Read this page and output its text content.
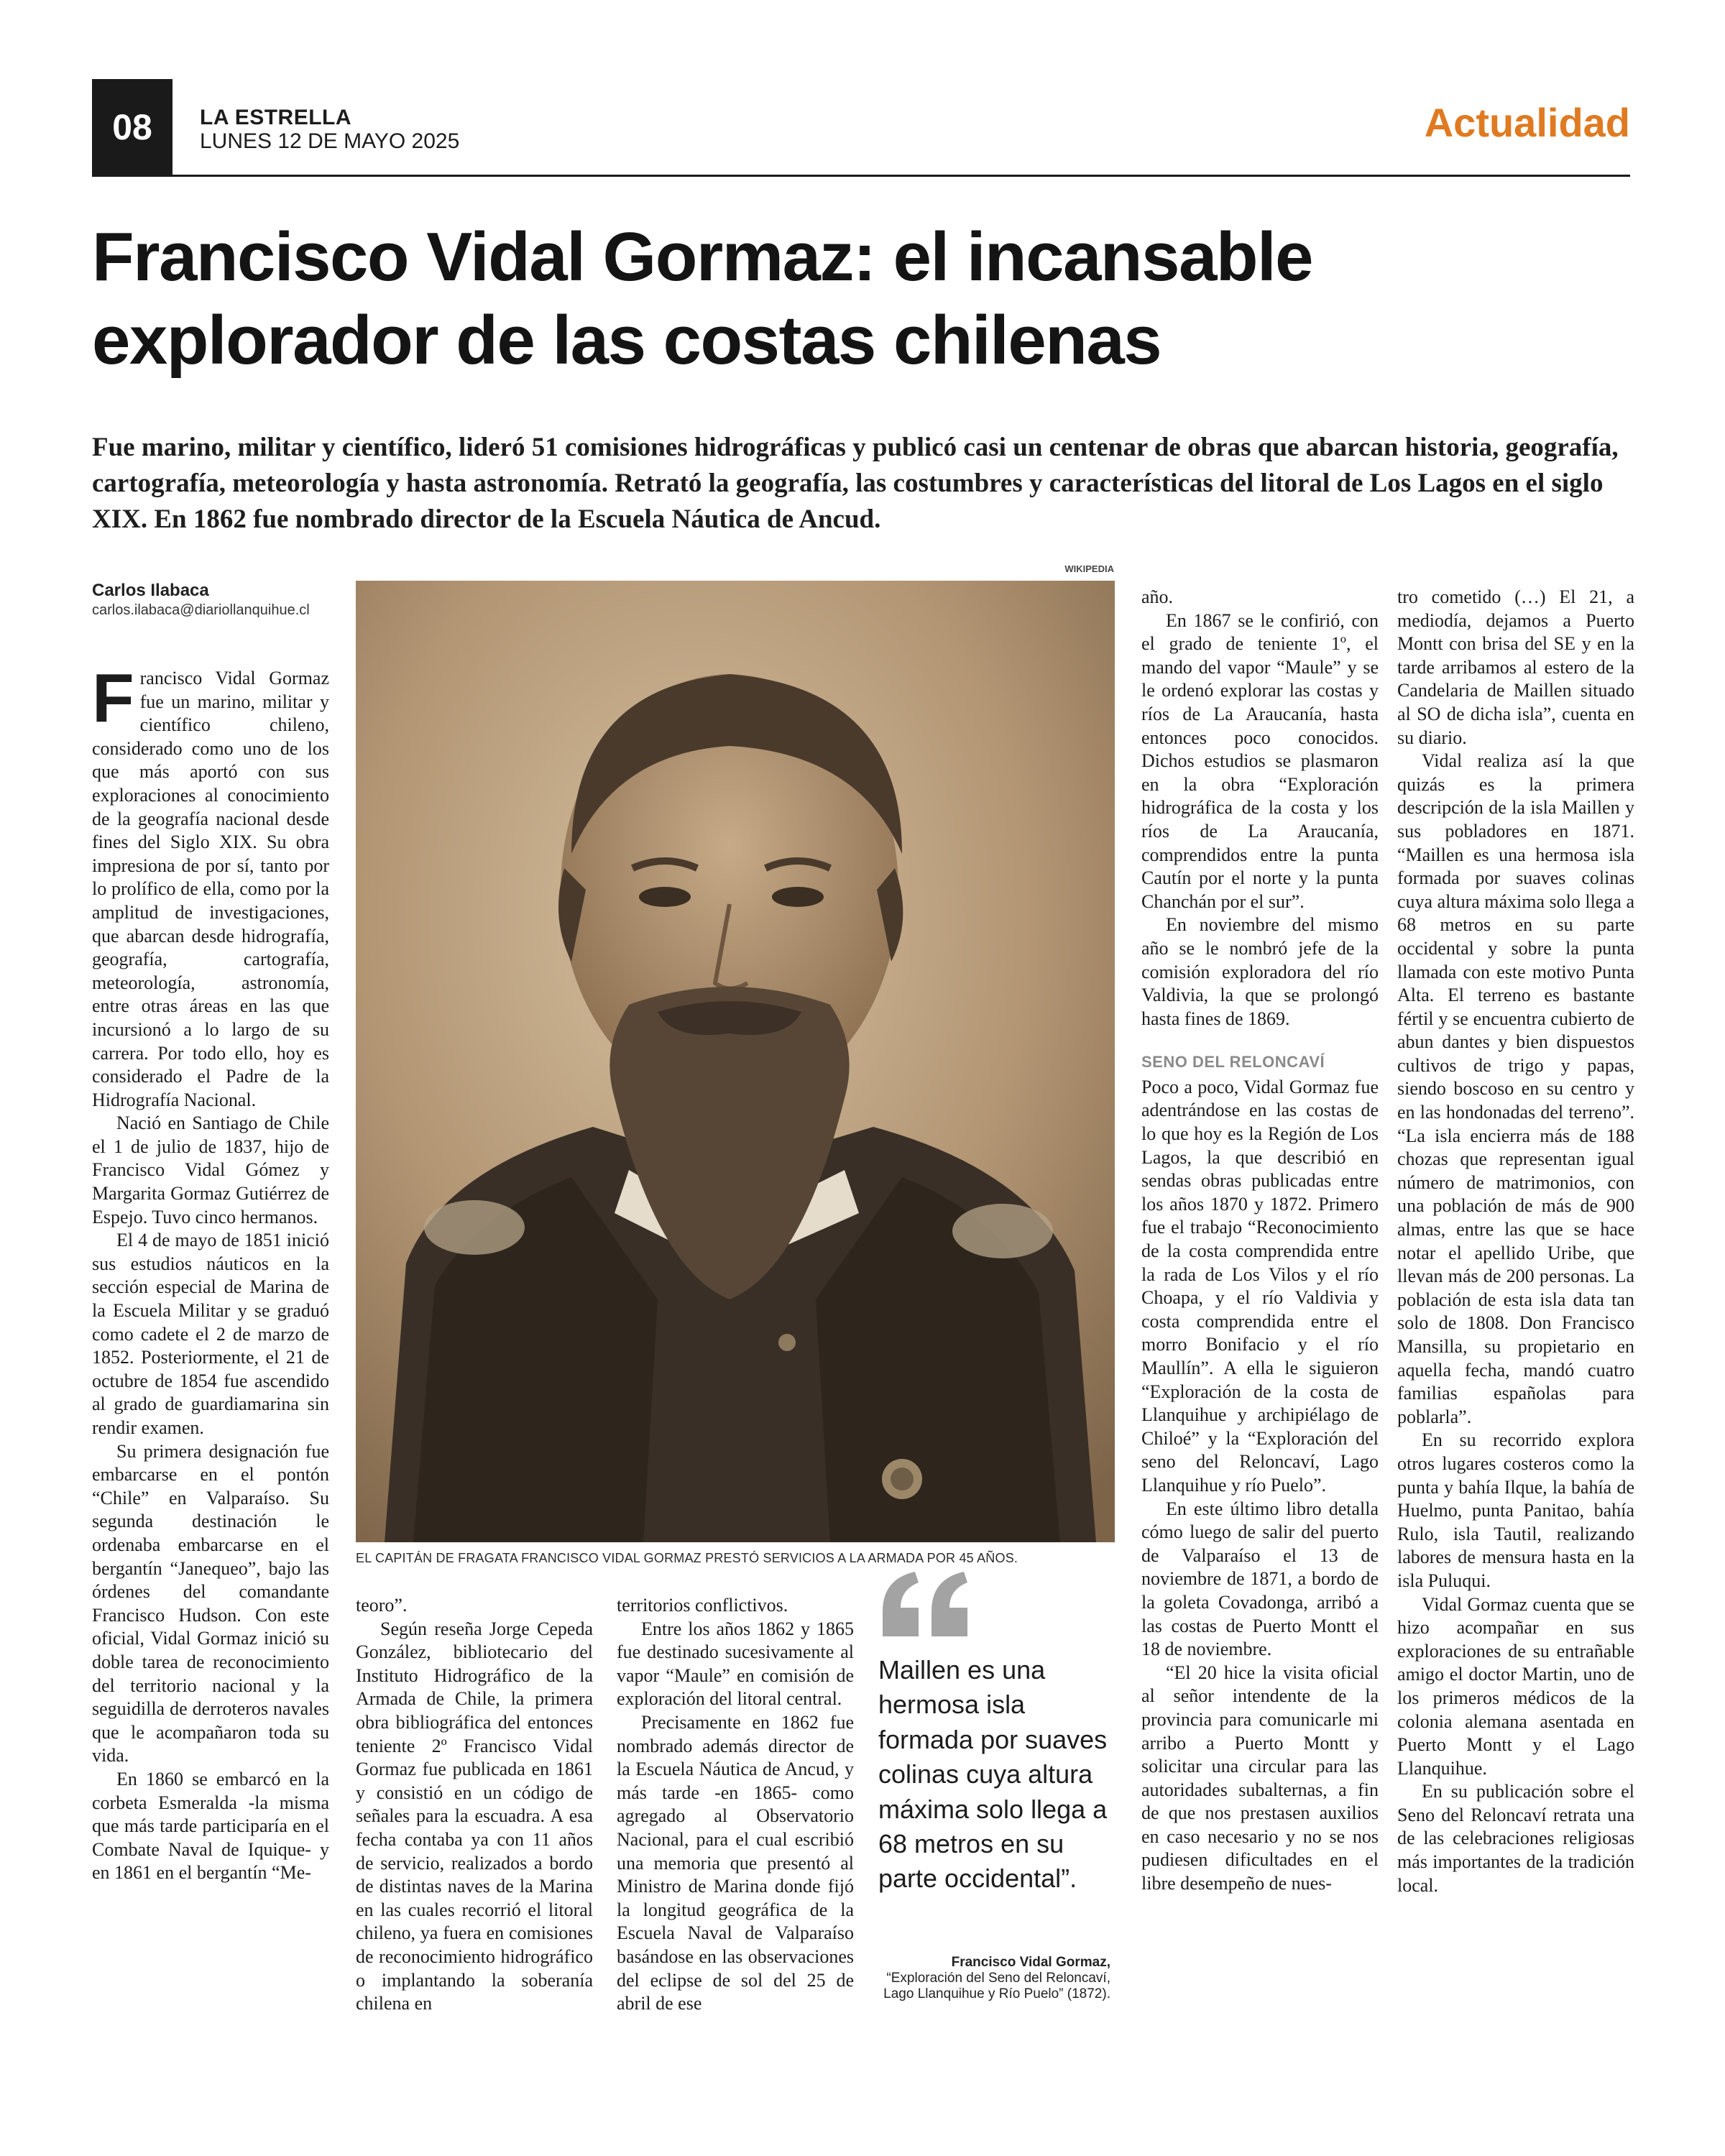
08	LA ESTRELLA
LUNES 12 DE MAYO 2025	Actualidad
Francisco Vidal Gormaz: el incansable explorador de las costas chilenas

Fue marino, militar y científico, lideró 51 comisiones hidrográficas y publicó casi un centenar de obras que abarcan historia, geografía, cartografía, meteorología y hasta astronomía. Retrató la geografía, las costumbres y características del litoral de Los Lagos en el siglo XIX. En 1862 fue nombrado director de la Escuela Náutica de Ancud.

Carlos Ilabaca
carlos.ilabaca@diariollanquihue.cl

Francisco Vidal Gormaz fue un marino, militar y científico chileno, considerado como uno de los que más aportó con sus exploraciones al conocimiento de la geografía nacional desde fines del Siglo XIX. Su obra impresiona de por sí, tanto por lo prolífico de ella, como por la amplitud de investigaciones, que abarcan desde hidrografía, geografía, cartografía, meteorología, astronomía, entre otras áreas en las que incursionó a lo largo de su carrera. Por todo ello, hoy es considerado el Padre de la Hidrografía Nacional.

Nació en Santiago de Chile el 1 de julio de 1837, hijo de Francisco Vidal Gómez y Margarita Gormaz Gutiérrez de Espejo. Tuvo cinco hermanos.

El 4 de mayo de 1851 inició sus estudios náuticos en la sección especial de Marina de la Escuela Militar y se graduó como cadete el 2 de marzo de 1852. Posteriormente, el 21 de octubre de 1854 fue ascendido al grado de guardiamarina sin rendir examen.

Su primera designación fue embarcarse en el pontón “Chile” en Valparaíso. Su segunda destinación le ordenaba embarcarse en el bergantín “Janequeo”, bajo las órdenes del comandante Francisco Hudson. Con este oficial, Vidal Gormaz inició su doble tarea de reconocimiento del territorio nacional y la seguidilla de derroteros navales que le acompañaron toda su vida.

En 1860 se embarcó en la corbeta Esmeralda -la misma que más tarde participaría en el Combate Naval de Iquique- y en 1861 en el bergantín “Me-

WIKIPEDIA
EL CAPITÁN DE FRAGATA FRANCISCO VIDAL GORMAZ PRESTÓ SERVICIOS A LA ARMADA POR 45 AÑOS.

teoro”.

Según reseña Jorge Cepeda González, bibliotecario del Instituto Hidrográfico de la Armada de Chile, la primera obra bibliográfica del entonces teniente 2º Francisco Vidal Gormaz fue publicada en 1861 y consistió en un código de señales para la escuadra. A esa fecha contaba ya con 11 años de servicio, realizados a bordo de distintas naves de la Marina en las cuales recorrió el litoral chileno, ya fuera en comisiones de reconocimiento hidrográfico o implantando la soberanía chilena en

territorios conflictivos.

Entre los años 1862 y 1865 fue destinado sucesivamente al vapor “Maule” en comisión de exploración del litoral central.

Precisamente en 1862 fue nombrado además director de la Escuela Náutica de Ancud, y más tarde -en 1865- como agregado al Observatorio Nacional, para el cual escribió una memoria que presentó al Ministro de Marina donde fijó la longitud geográfica de la Escuela Naval de Valparaíso basándose en las observaciones del eclipse de sol del 25 de abril de ese

Maillen es una hermosa isla formada por suaves colinas cuya altura máxima solo llega a 68 metros en su parte occidental”.

Francisco Vidal Gormaz,
“Exploración del Seno del Reloncaví, Lago Llanquihue y Río Puelo” (1872).

año.

En 1867 se le confirió, con el grado de teniente 1º, el mando del vapor “Maule” y se le ordenó explorar las costas y ríos de La Araucanía, hasta entonces poco conocidos. Dichos estudios se plasmaron en la obra “Exploración hidrográfica de la costa y los ríos de La Araucanía, comprendidos entre la punta Cautín por el norte y la punta Chanchán por el sur”.

En noviembre del mismo año se le nombró jefe de la comisión exploradora del río Valdivia, la que se prolongó hasta fines de 1869.

SENO DEL RELONCAVÍ

Poco a poco, Vidal Gormaz fue adentrándose en las costas de lo que hoy es la Región de Los Lagos, la que describió en sendas obras publicadas entre los años 1870 y 1872. Primero fue el trabajo “Reconocimiento de la costa comprendida entre la rada de Los Vilos y el río Choapa, y el río Valdivia y costa comprendida entre el morro Bonifacio y el río Maullín”. A ella le siguieron “Exploración de la costa de Llanquihue y archipiélago de Chiloé” y la “Exploración del seno del Reloncaví, Lago Llanquihue y río Puelo”.

En este último libro detalla cómo luego de salir del puerto de Valparaíso el 13 de noviembre de 1871, a bordo de la goleta Covadonga, arribó a las costas de Puerto Montt el 18 de noviembre.

“El 20 hice la visita oficial al señor intendente de la provincia para comunicarle mi arribo a Puerto Montt y solicitar una circular para las autoridades subalternas, a fin de que nos prestasen auxilios en caso necesario y no se nos pudiesen dificultades en el libre desempeño de nues-

tro cometido (…) El 21, a mediodía, dejamos a Puerto Montt con brisa del SE y en la tarde arribamos al estero de la Candelaria de Maillen situado al SO de dicha isla”, cuenta en su diario.

Vidal realiza así la que quizás es la primera descripción de la isla Maillen y sus pobladores en 1871. “Maillen es una hermosa isla formada por suaves colinas cuya altura máxima solo llega a 68 metros en su parte occidental y sobre la punta llamada con este motivo Punta Alta. El terreno es bastante fértil y se encuentra cubierto de abun dantes y bien dispuestos cultivos de trigo y papas, siendo boscoso en su centro y en las hondonadas del terreno”. “La isla encierra más de 188 chozas que representan igual número de matrimonios, con una población de más de 900 almas, entre las que se hace notar el apellido Uribe, que llevan más de 200 personas. La población de esta isla data tan solo de 1808. Don Francisco Mansilla, su propietario en aquella fecha, mandó cuatro familias españolas para poblarla”.

En su recorrido explora otros lugares costeros como la punta y bahía Ilque, la bahía de Huelmo, punta Panitao, bahía Rulo, isla Tautil, realizando labores de mensura hasta en la isla Puluqui.

Vidal Gormaz cuenta que se hizo acompañar en sus exploraciones de su entrañable amigo el doctor Martin, uno de los primeros médicos de la colonia alemana asentada en Puerto Montt y el Lago Llanquihue.

En su publicación sobre el Seno del Reloncaví retrata una de las celebraciones religiosas más importantes de la tradición local.
